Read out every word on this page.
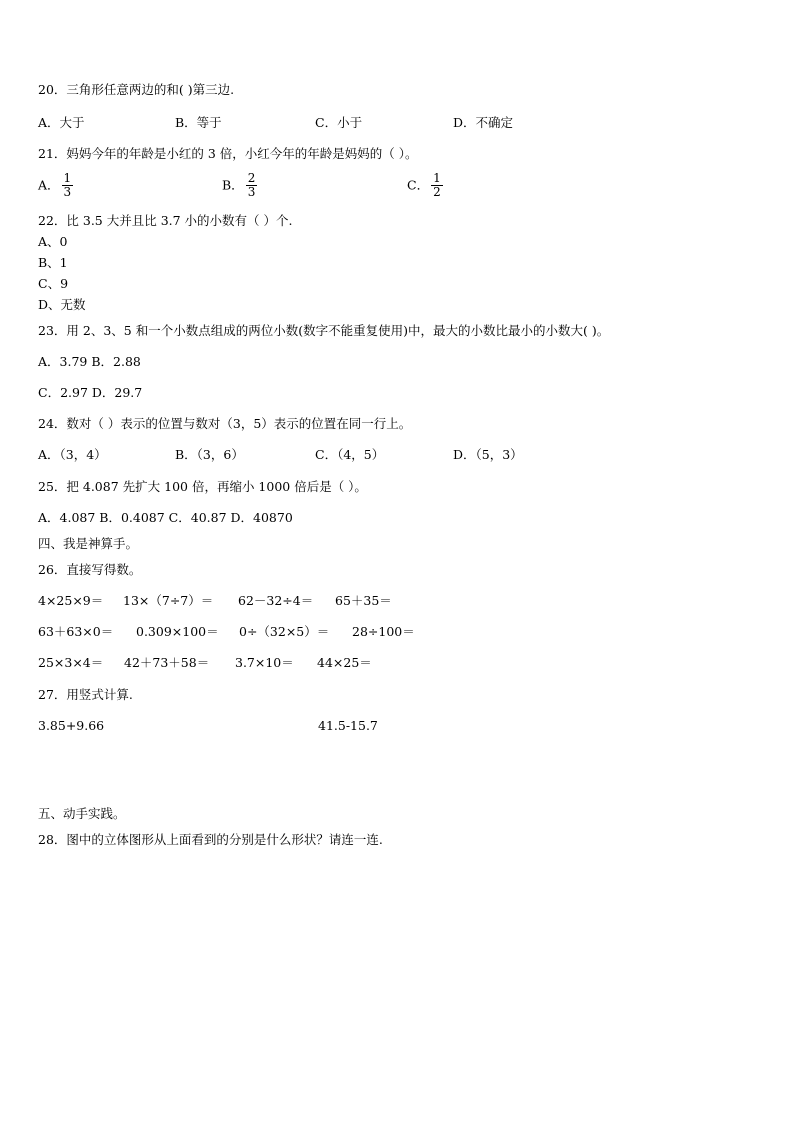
20．三角形任意两边的和( )第三边.
A．大于	B．等于	C．小于	D．不确定
21．妈妈今年的年龄是小红的 3 倍，小红今年的年龄是妈妈的（ ）。
A． $\frac{1}{3}$	B． $\frac{2}{3}$	C． $\frac{1}{2}$
22．比 3.5 大并且比 3.7 小的小数有（ ）个.
A、0
B、1
C、9
D、无数
23．用 2、3、5 和一个小数点组成的两位小数(数字不能重复使用)中，最大的小数比最小的小数大( )。
A．3.79 B．2.88
C．2.97 D．29.7
24．数对（ ）表示的位置与数对（3，5）表示的位置在同一行上。
A．（3，4）	B．（3，6）	C．（4，5）	D．（5，3）
25．把 4.087 先扩大 100 倍，再缩小 1000 倍后是（ ）。
A．4.087 B．0.4087 C．40.87 D．40870
四、我是神算手。
26．直接写得数。
4×25×9＝ 13×（7÷7）＝ 62－32÷4＝ 65＋35＝
63＋63×0＝ 0.309×100＝ 0÷（32×5）＝ 28÷100＝
25×3×4＝ 42＋73＋58＝ 3.7×10＝ 44×25＝
27．用竖式计算.
3.85+9.66	41.5-15.7
五、动手实践。
28．图中的立体图形从上面看到的分别是什么形状？请连一连.
